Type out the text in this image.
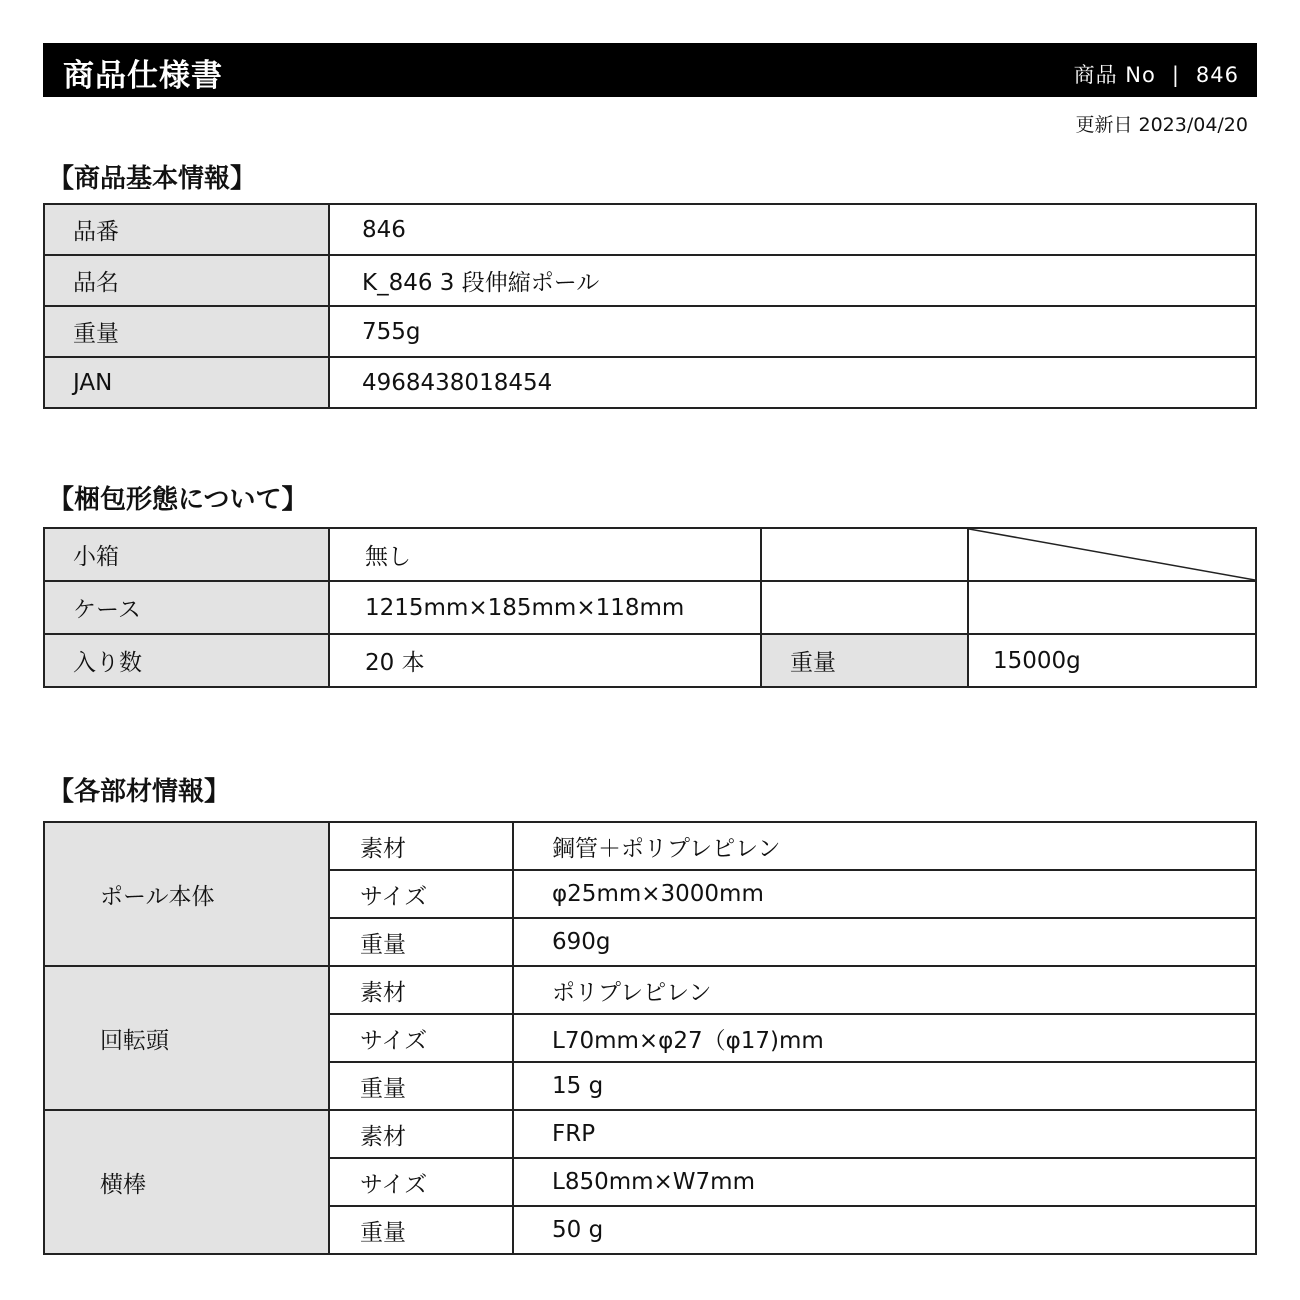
商品仕様書	商品 No | 846
更新日 2023/04/20
【商品基本情報】
品番	846
品名	K_846 3 段伸縮ポール
重量	755g
JAN	4968438018454
【梱包形態について】
小箱	無し		

ケース	1215mm×185mm×118mm		
入り数	20 本	重量	15000g
【各部材情報】
ポール本体	素材	鋼管＋ポリプレピレン
	サイズ	φ25mm×3000mm
	重量	690g
回転頭	素材	ポリプレピレン
	サイズ	L70mm×φ27（φ17)mm
	重量	15 g
横棒	素材	FRP
	サイズ	L850mm×W7mm
	重量	50 g
